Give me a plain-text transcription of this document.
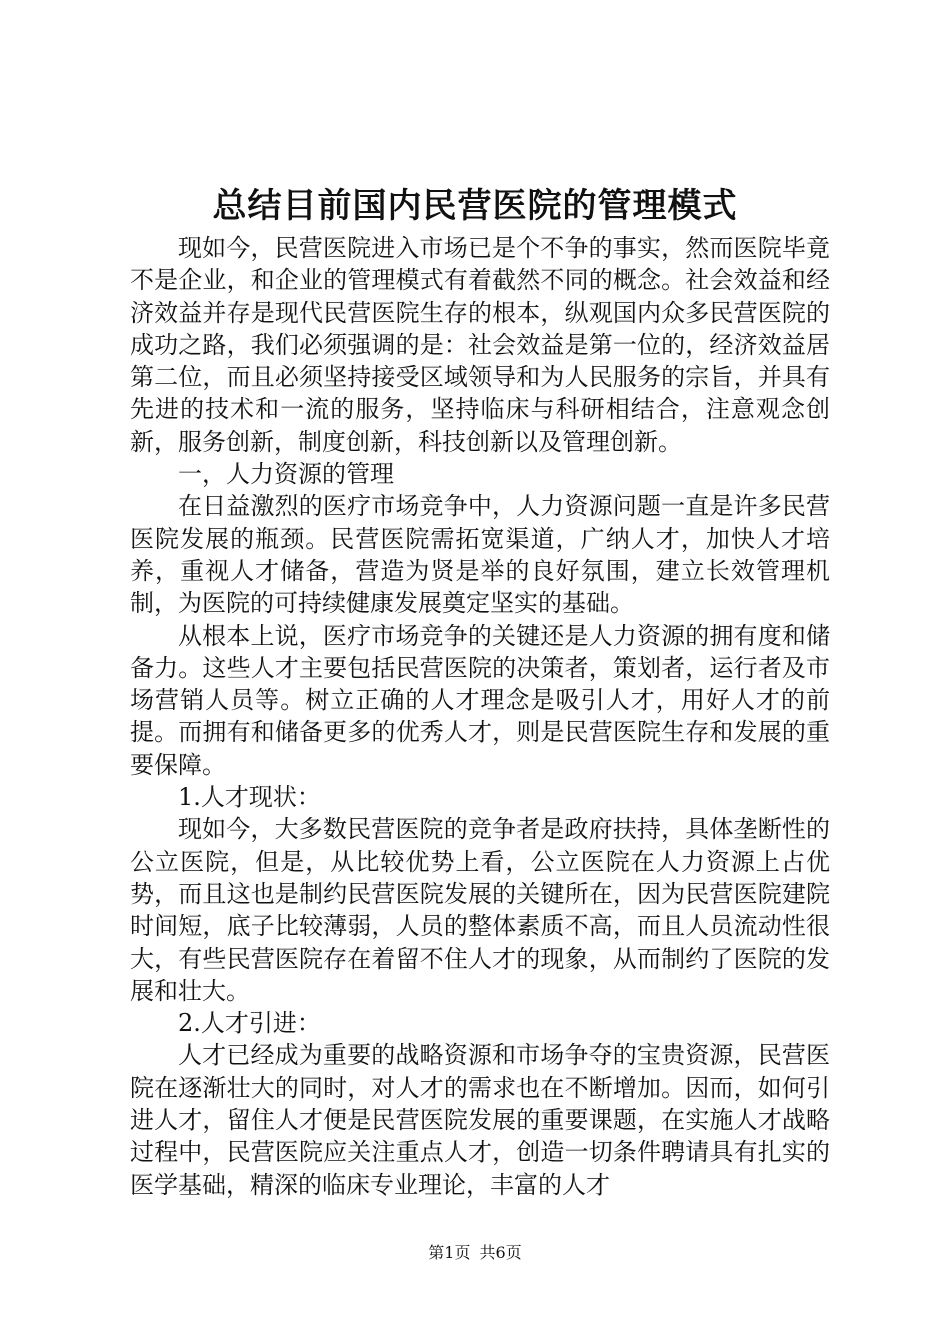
总结目前国内民营医院的管理模式

现如今，民营医院进入市场已是个不争的事实，然而医院毕竟不是企业，和企业的管理模式有着截然不同的概念。社会效益和经济效益并存是现代民营医院生存的根本，纵观国内众多民营医院的成功之路，我们必须强调的是：社会效益是第一位的，经济效益居第二位，而且必须坚持接受区域领导和为人民服务的宗旨，并具有先进的技术和一流的服务，坚持临床与科研相结合，注意观念创新，服务创新，制度创新，科技创新以及管理创新。

一，人力资源的管理

在日益激烈的医疗市场竞争中，人力资源问题一直是许多民营医院发展的瓶颈。民营医院需拓宽渠道，广纳人才，加快人才培养，重视人才储备，营造为贤是举的良好氛围，建立长效管理机制，为医院的可持续健康发展奠定坚实的基础。

从根本上说，医疗市场竞争的关键还是人力资源的拥有度和储备力。这些人才主要包括民营医院的决策者，策划者，运行者及市场营销人员等。树立正确的人才理念是吸引人才，用好人才的前提。而拥有和储备更多的优秀人才，则是民营医院生存和发展的重要保障。

1.人才现状：

现如今，大多数民营医院的竞争者是政府扶持，具体垄断性的公立医院，但是，从比较优势上看，公立医院在人力资源上占优势，而且这也是制约民营医院发展的关键所在，因为民营医院建院时间短，底子比较薄弱，人员的整体素质不高，而且人员流动性很大，有些民营医院存在着留不住人才的现象，从而制约了医院的发展和壮大。

2.人才引进：

人才已经成为重要的战略资源和市场争夺的宝贵资源，民营医院在逐渐壮大的同时，对人才的需求也在不断增加。因而，如何引进人才，留住人才便是民营医院发展的重要课题，在实施人才战略过程中，民营医院应关注重点人才，创造一切条件聘请具有扎实的医学基础，精深的临床专业理论，丰富的人才

第1页 共6页
